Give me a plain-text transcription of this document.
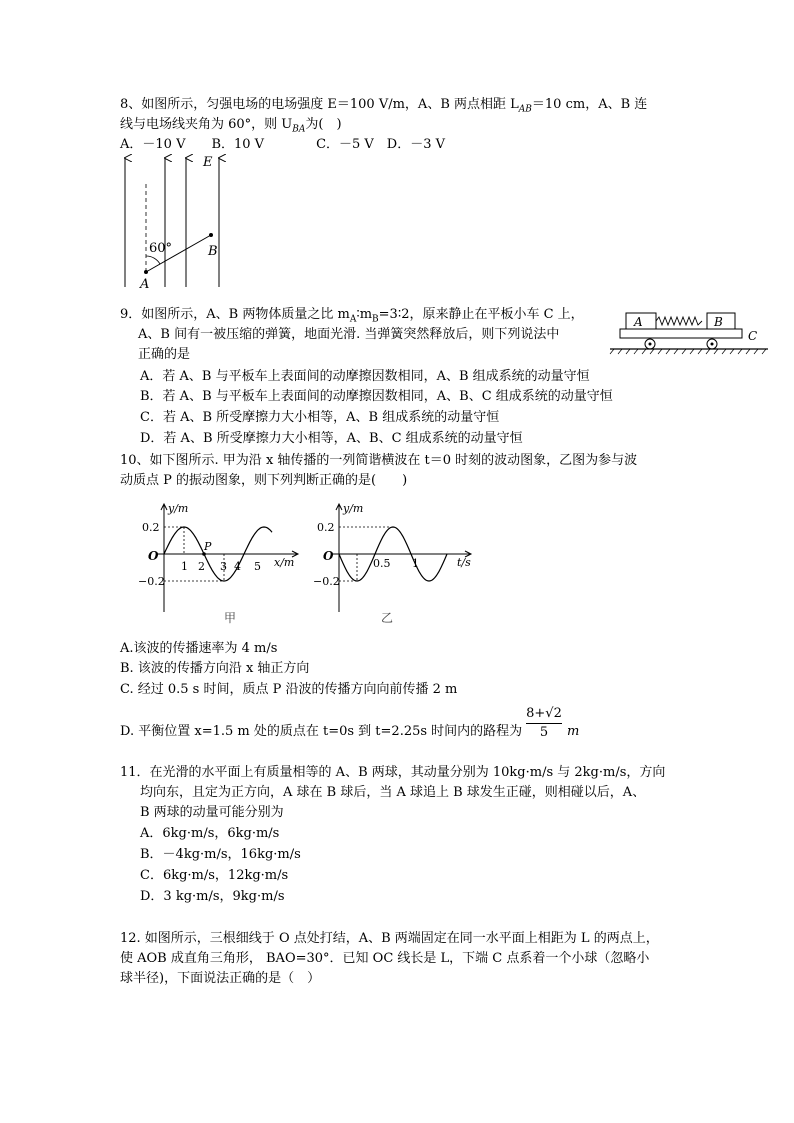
8、如图所示，匀强电场的电场强度 E＝100 V/m，A、B 两点相距 $L_{AB}=10$ cm，A、B 连
线与电场线夹角为 60°，则 $U_{BA}$为(　)
A．－10 V　　B．10 V　　　　C．－5 V　D．－3 V
60°
E
A
B
9．如图所示，A、B 两物体质量之比 $m_A∶m_B=3∶2$，原来静止在平板小车 C 上，
A、B 间有一被压缩的弹簧，地面光滑. 当弹簧突然释放后，则下列说法中
正确的是
A．若 A、B 与平板车上表面间的动摩擦因数相同，A、B 组成系统的动量守恒
B．若 A、B 与平板车上表面间的动摩擦因数相同，A、B、C 组成系统的动量守恒
C．若 A、B 所受摩擦力大小相等，A、B 组成系统的动量守恒
D．若 A、B 所受摩擦力大小相等，A、B、C 组成系统的动量守恒
A	B
C
10、如下图所示. 甲为沿 x 轴传播的一列简谐横波在 t＝0 时刻的波动图象，乙图为参与波
动质点 P 的振动图象，则下列判断正确的是(　　)
y/m
x/m
O
0.2
−0.2
P
1 2 3 4 5
甲
y/m
t/s
O
0.2
−0.2
0.5 1
乙
A.该波的传播速率为 4 m/s
B. 该波的传播方向沿 x 轴正方向
C. 经过 0.5 s 时间，质点 P 沿波的传播方向向前传播 2 m
D. 平衡位置 x=1.5 m 处的质点在 t=0s 到 t=2.25s 时间内的路程为
8+√2
5	m
11．在光滑的水平面上有质量相等的 A、B 两球，其动量分别为 10kg·m/s 与 2kg·m/s，方向
均向东，且定为正方向，A 球在 B 球后，当 A 球追上 B 球发生正碰，则相碰以后，A、
B 两球的动量可能分别为
A．6kg·m/s，6kg·m/s
B．－4kg·m/s，16kg·m/s
C．6kg·m/s，12kg·m/s
D．3 kg·m/s，9kg·m/s
12. 如图所示，三根细线于 O 点处打结，A、B 两端固定在同一水平面上相距为 L 的两点上，
使 AOB 成直角三角形， BAO=30°．已知 OC 线长是 L，下端 C 点系着一个小球（忽略小
球半径)，下面说法正确的是（　）
